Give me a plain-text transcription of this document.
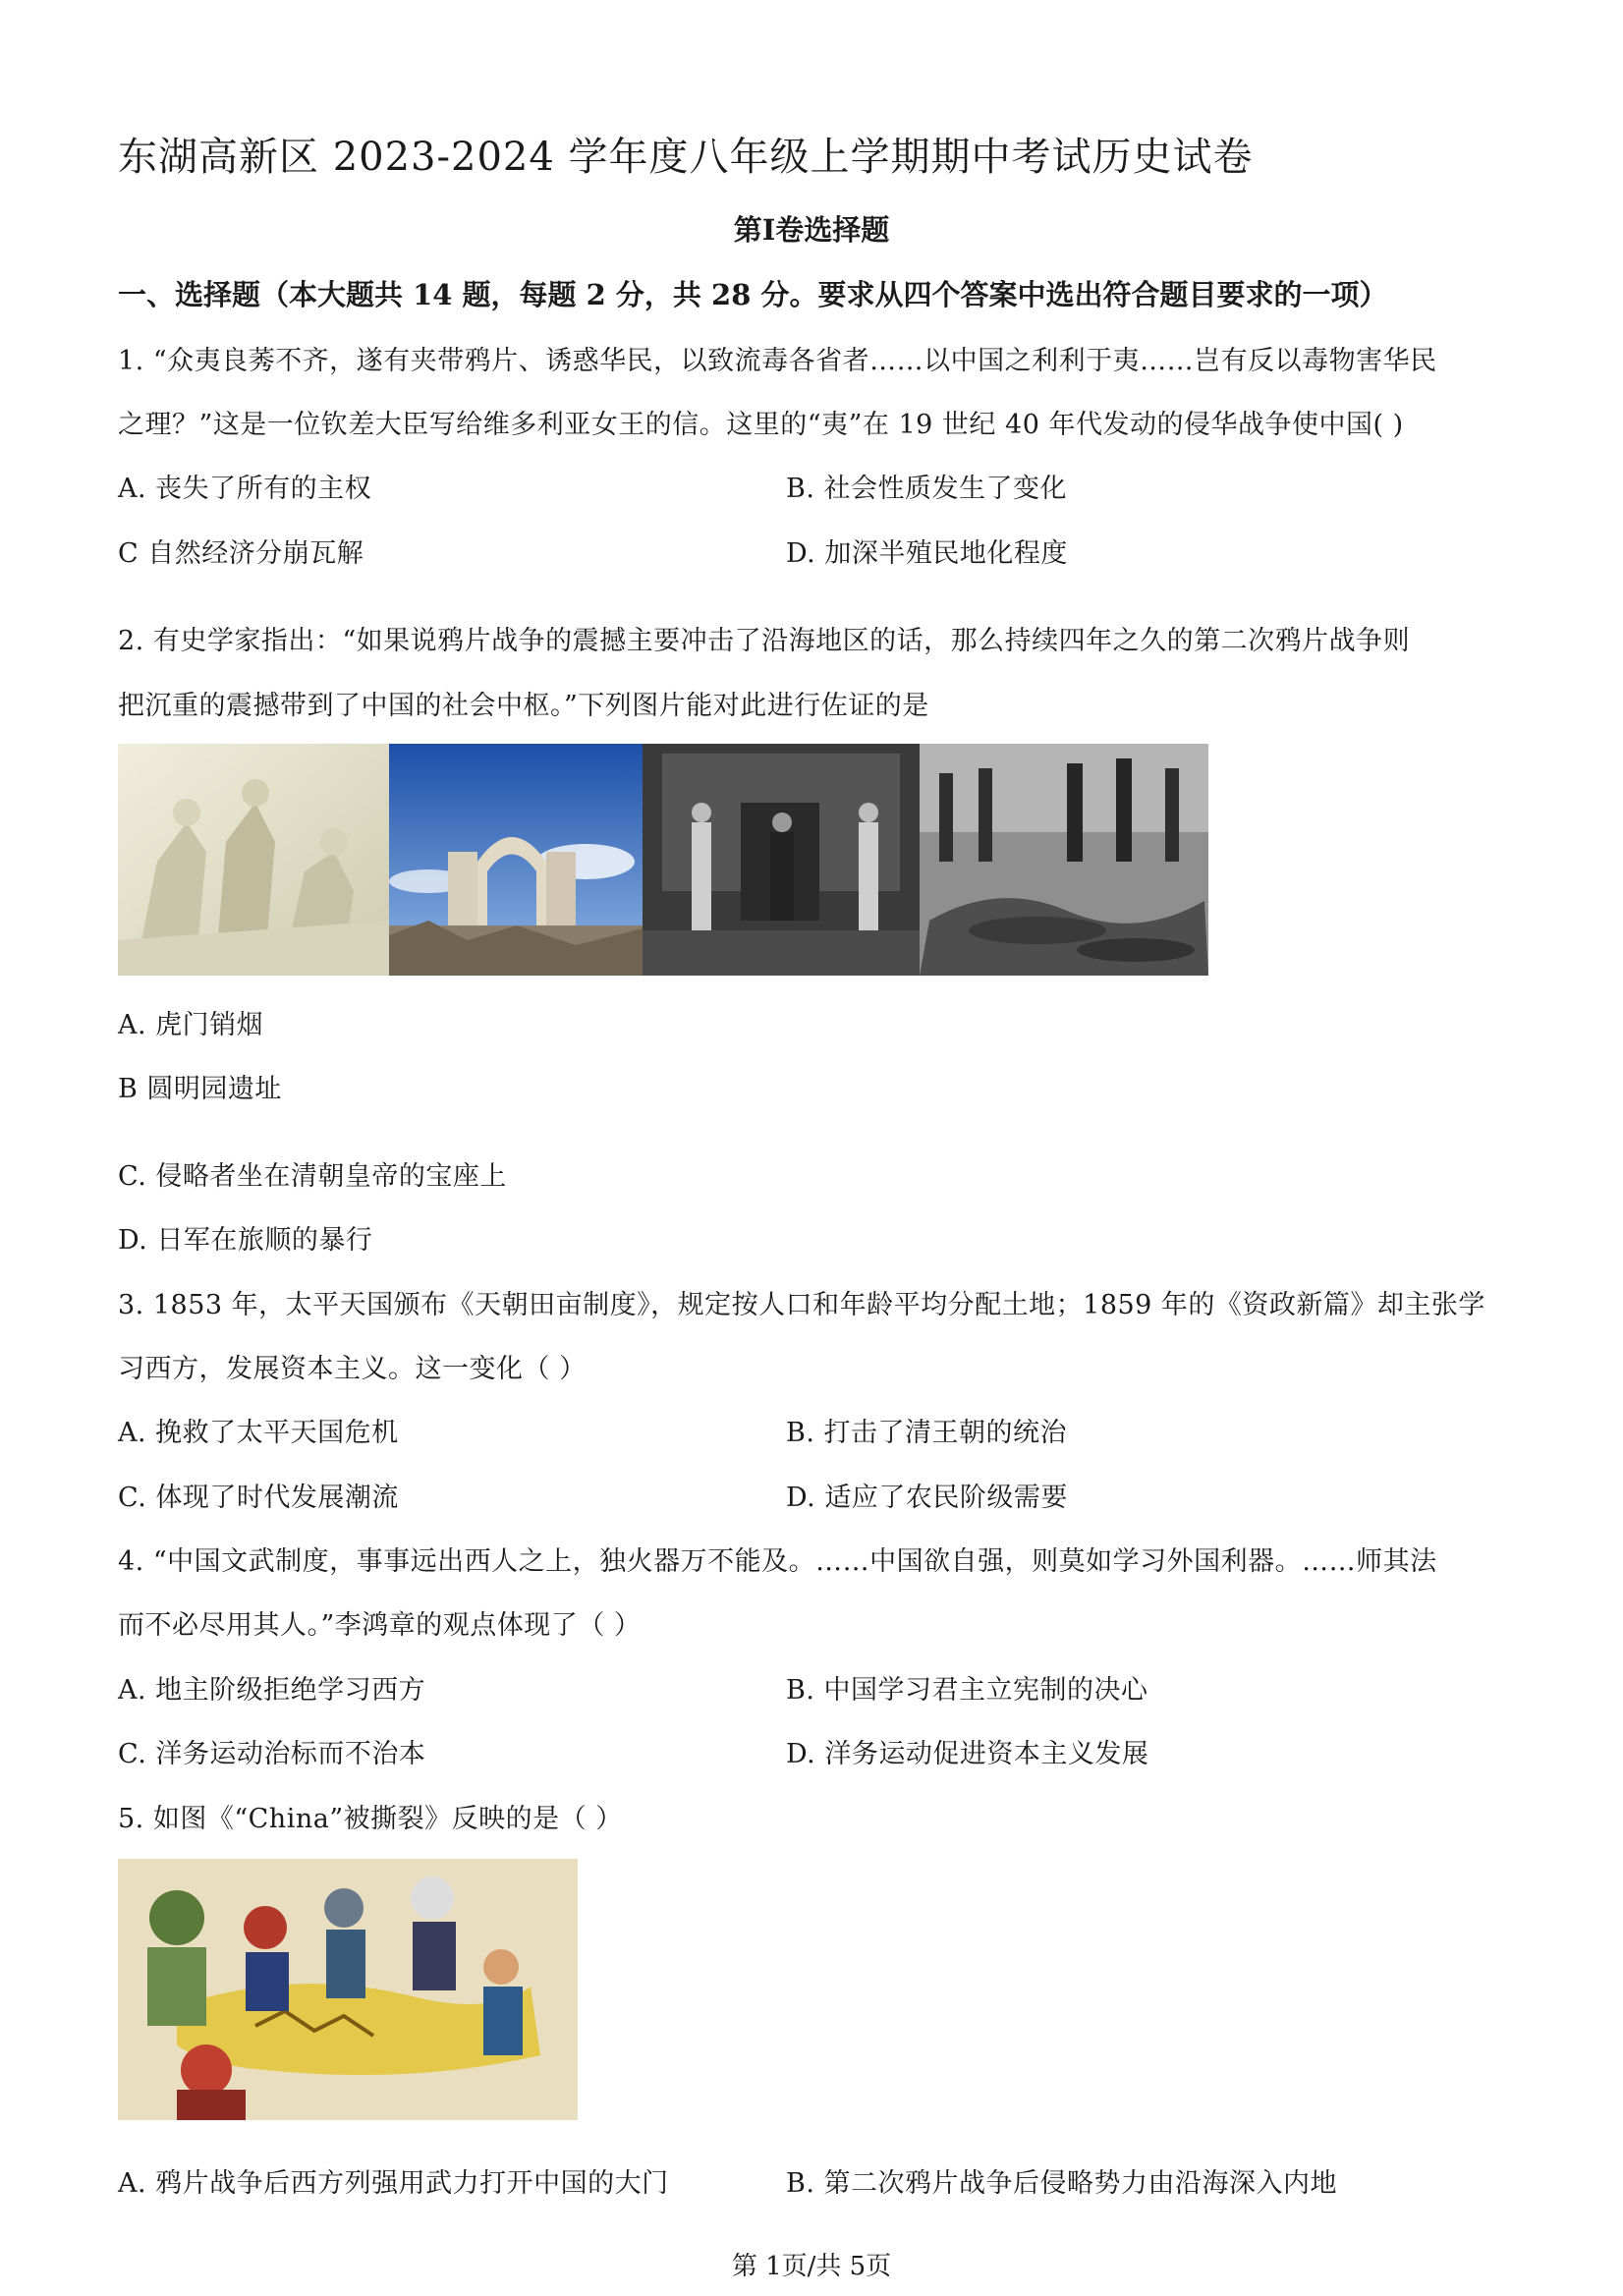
东湖高新区 2023-2024 学年度八年级上学期期中考试历史试卷
第Ⅰ卷选择题
一、选择题（本大题共 14 题，每题 2 分，共 28 分。要求从四个答案中选出符合题目要求的一项）
1. “众夷良莠不齐，遂有夹带鸦片、诱惑华民，以致流毒各省者……以中国之利利于夷……岂有反以毒物害华民
之理？”这是一位钦差大臣写给维多利亚女王的信。这里的“夷”在 19 世纪 40 年代发动的侵华战争使中国( )
A. 丧失了所有的主权	B. 社会性质发生了变化
C 自然经济分崩瓦解	D. 加深半殖民地化程度
2. 有史学家指出：“如果说鸦片战争的震撼主要冲击了沿海地区的话，那么持续四年之久的第二次鸦片战争则
把沉重的震撼带到了中国的社会中枢。”下列图片能对此进行佐证的是
A. 虎门销烟
B 圆明园遗址
C. 侵略者坐在清朝皇帝的宝座上
D. 日军在旅顺的暴行
3. 1853 年，太平天国颁布《天朝田亩制度》，规定按人口和年龄平均分配土地；1859 年的《资政新篇》却主张学
习西方，发展资本主义。这一变化（ ）
A. 挽救了太平天国危机	B. 打击了清王朝的统治
C. 体现了时代发展潮流	D. 适应了农民阶级需要
4. “中国文武制度，事事远出西人之上，独火器万不能及。……中国欲自强，则莫如学习外国利器。……师其法
而不必尽用其人。”李鸿章的观点体现了（ ）
A. 地主阶级拒绝学习西方	B. 中国学习君主立宪制的决心
C. 洋务运动治标而不治本	D. 洋务运动促进资本主义发展
5. 如图《“China”被撕裂》反映的是（ ）
A. 鸦片战争后西方列强用武力打开中国的大门	B. 第二次鸦片战争后侵略势力由沿海深入内地
第 1页/共 5页
